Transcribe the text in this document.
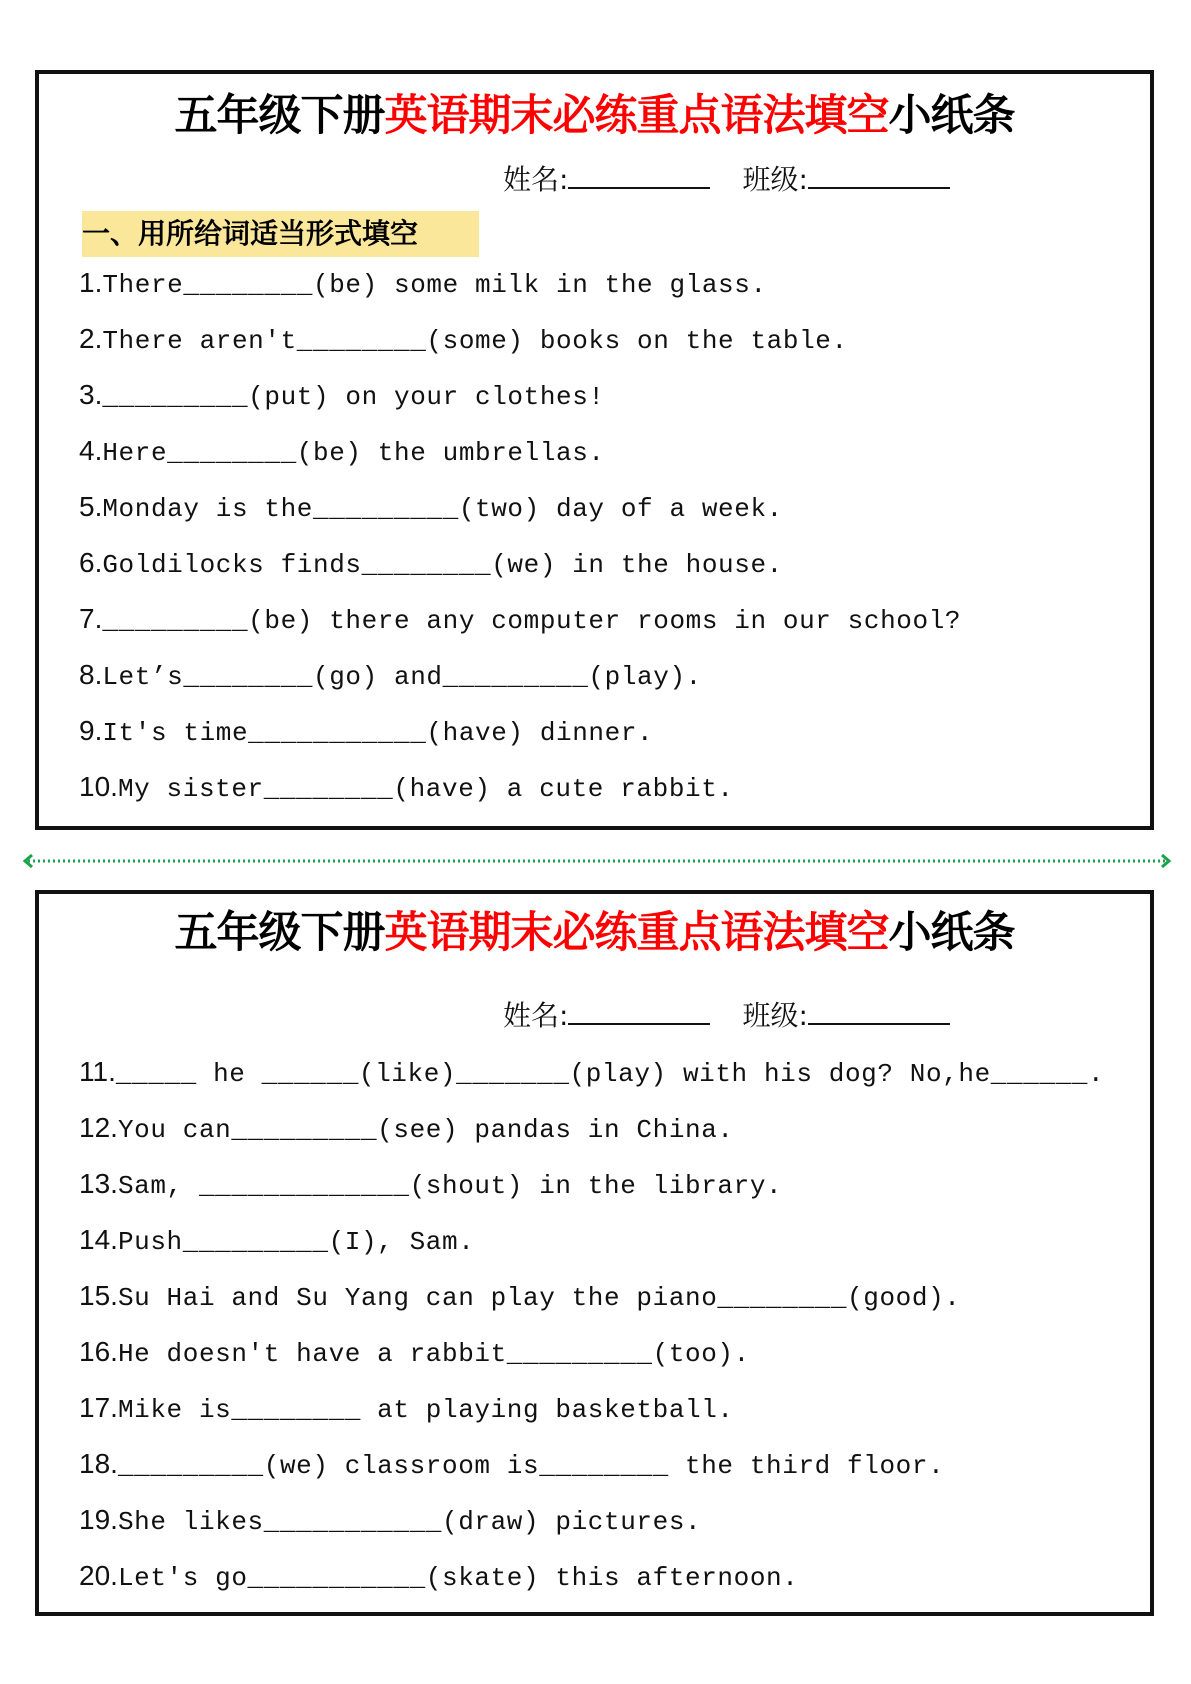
五年级下册英语期末必练重点语法填空小纸条
姓名:	班级:
一、用所给词适当形式填空
1.There________(be) some milk in the glass.
2.There aren't________(some) books on the table.
3._________(put) on your clothes!
4.Here________(be) the umbrellas.
5.Monday is the_________(two) day of a week.
6.Goldilocks finds________(we) in the house.
7._________(be) there any computer rooms in our school?
8.Let’s________(go) and_________(play).
9.It's time___________(have) dinner.
10.My sister________(have) a cute rabbit.
五年级下册英语期末必练重点语法填空小纸条
姓名:	班级:
11._____ he ______(like)_______(play) with his dog? No,he______.
12.You can_________(see) pandas in China.
13.Sam, _____________(shout) in the library.
14.Push_________(I), Sam.
15.Su Hai and Su Yang can play the piano________(good).
16.He doesn't have a rabbit_________(too).
17.Mike is________ at playing basketball.
18._________(we) classroom is________ the third floor.
19.She likes___________(draw) pictures.
20.Let's go___________(skate) this afternoon.
